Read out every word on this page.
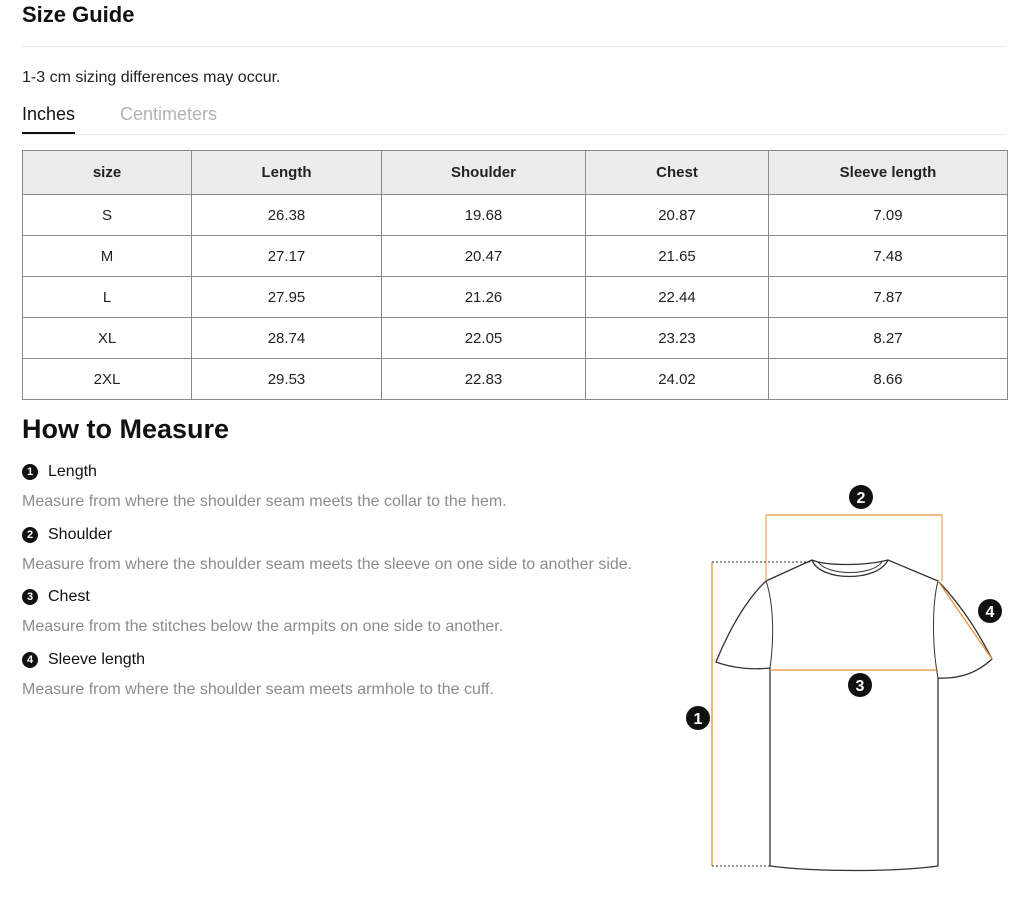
Size Guide
1-3 cm sizing differences may occur.
Inches Centimeters
size	Length	Shoulder	Chest	Sleeve length
S	26.38	19.68	20.87	7.09
M	27.17	20.47	21.65	7.48
L	27.95	21.26	22.44	7.87
XL	28.74	22.05	23.23	8.27
2XL	29.53	22.83	24.02	8.66
How to Measure
1 Length
Measure from where the shoulder seam meets the collar to the hem.
2 Shoulder
Measure from where the shoulder seam meets the sleeve on one side to another side.
3 Chest
Measure from the stitches below the armpits on one side to another.
4 Sleeve length
Measure from where the shoulder seam meets armhole to the cuff.
2
4
3
1
